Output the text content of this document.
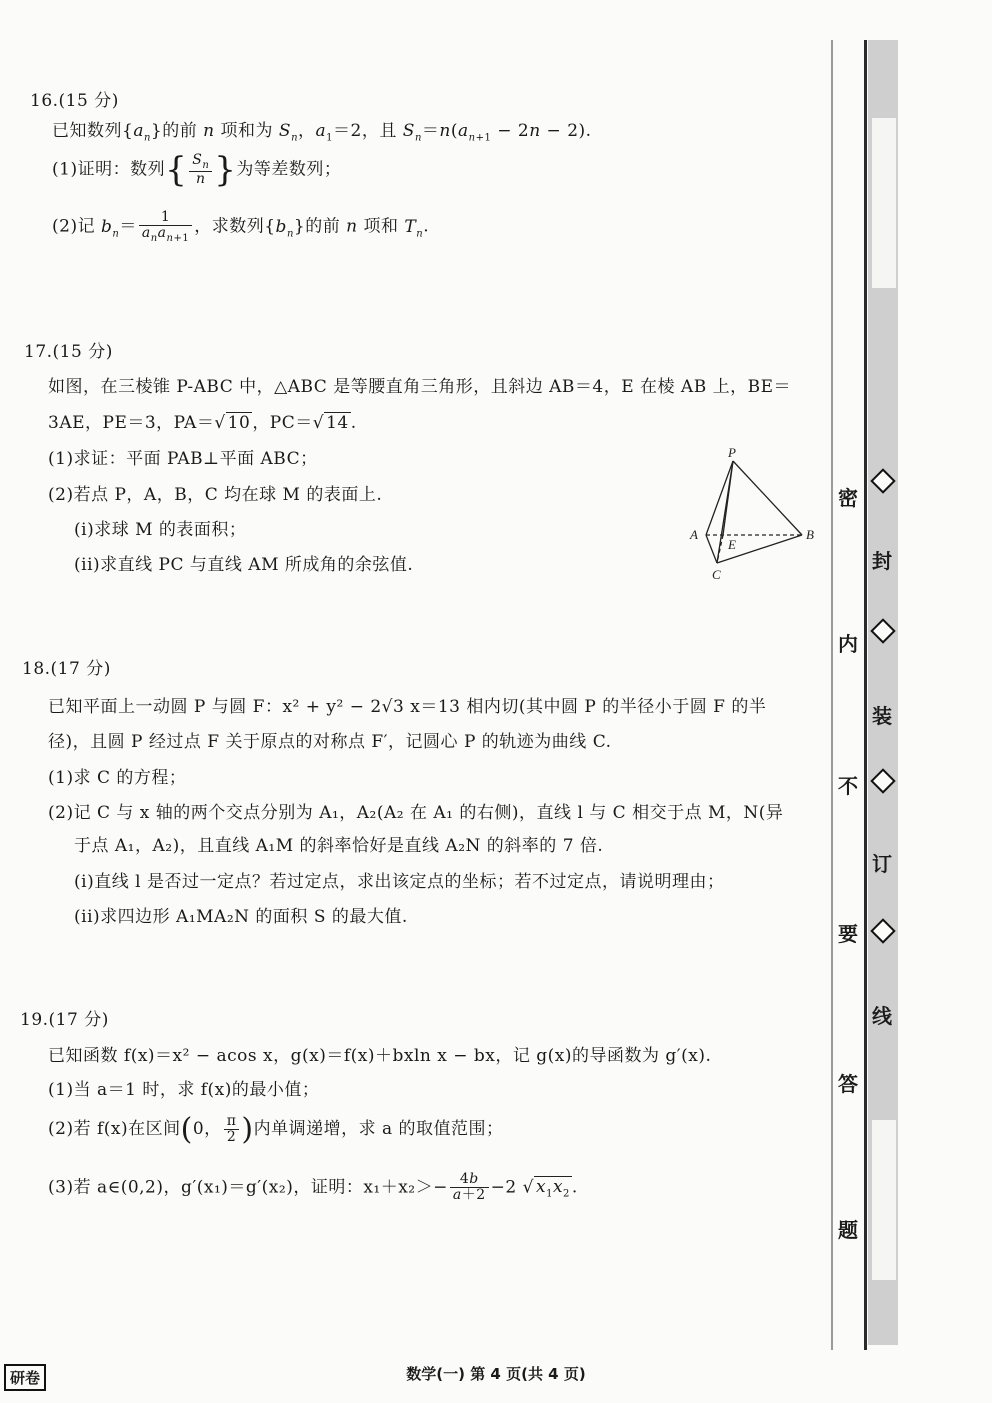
16.(15 分)
已知数列$\{a_n\}$的前 n 项和为 $S_n$，$a_1=2$，且 $S_n=n(a_{n+1} - 2n - 2)$.
(1)证明：数列{ $\frac{S_n}{n}$ }为等差数列；
(2)记 $b_n= \frac{1}{a_na_{n+1}}$ ，求数列$\{b_n\}$的前 n 项和 $T_n$.
17.(15 分)
如图，在三棱锥 P-ABC 中，△ABC 是等腰直角三角形，且斜边 AB＝4，E 在棱 AB 上，BE＝
3AE，PE＝3，PA＝√ 10 ，PC＝√ 14 .
(1)求证：平面 PAB⊥平面 ABC；
(2)若点 P，A，B，C 均在球 M 的表面上.
(i)求球 M 的表面积；
(ii)求直线 PC 与直线 AM 所成角的余弦值.
P
A	B
C
E
18.(17 分)
已知平面上一动圆 P 与圆 F：x² + y² − 2√3 x＝13 相内切(其中圆 P 的半径小于圆 F 的半
径)，且圆 P 经过点 F 关于原点的对称点 F′，记圆心 P 的轨迹为曲线 C.
(1)求 C 的方程；
(2)记 C 与 x 轴的两个交点分别为 A₁，A₂(A₂ 在 A₁ 的右侧)，直线 l 与 C 相交于点 M，N(异
于点 A₁，A₂)，且直线 A₁M 的斜率恰好是直线 A₂N 的斜率的 7 倍.
(i)直线 l 是否过一定点？若过定点，求出该定点的坐标；若不过定点，请说明理由；
(ii)求四边形 A₁MA₂N 的面积 S 的最大值.
19.(17 分)
已知函数 f(x)＝x² − acos x，g(x)＝f(x)＋bxln x − bx，记 g(x)的导函数为 g′(x).
(1)当 a＝1 时，求 f(x)的最小值；
(2)若 f(x)在区间(0， $\frac{\pi}{2}$ )内单调递增，求 a 的取值范围；
(3)若 a∈(0,2)，g′(x₁)＝g′(x₂)，证明：$x_1+x_2>- \frac{4b}{a+2} -2$ √ $x_1x_2$ .
密
封
装
订
线
内
不
要
答
题
研卷	数学(一) 第 4 页(共 4 页)
